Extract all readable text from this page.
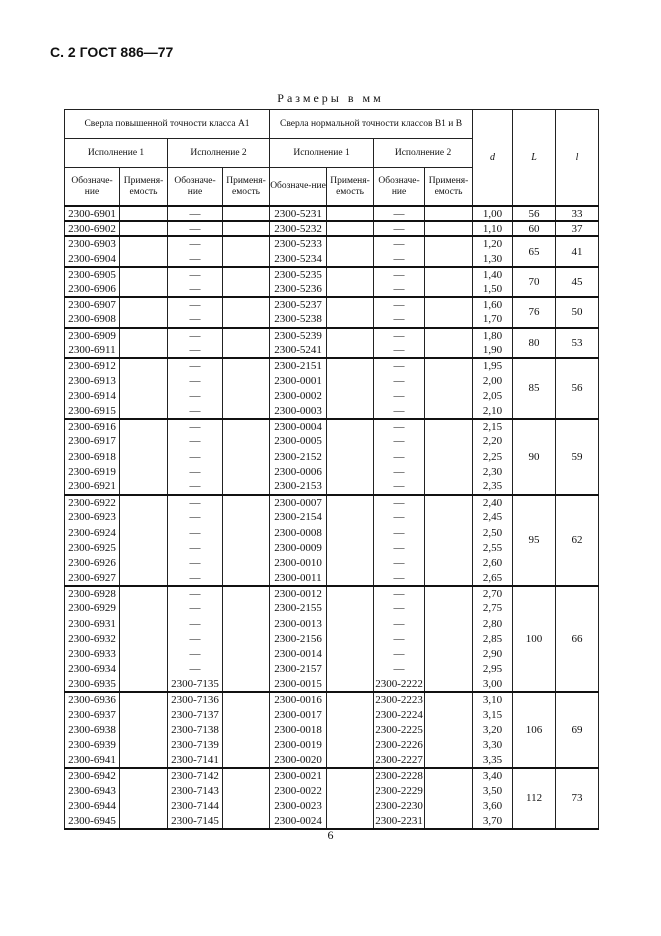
С. 2 ГОСТ 886—77
Размеры в мм
Сверла повышенной точности класса А1				Сверла нормальной точности классов В1 и В				d	L	l
Исполнение 1		Исполнение 2		Исполнение 1		Исполнение 2				
Обозначе-ние	Применя-емость	Обозначе-ние	Применя-емость	Обозначе-ние	Применя-емость	Обозначе-ние	Применя-емость			
2300-6901		—		2300-5231		—		1,00	56	33
2300-6902		—		2300-5232		—		1,10	60	37
2300-6903		—		2300-5233		—		1,20	65	41
2300-6904		—		2300-5234		—		1,30		
2300-6905		—		2300-5235		—		1,40	70	45
2300-6906		—		2300-5236		—		1,50		
2300-6907		—		2300-5237		—		1,60	76	50
2300-6908		—		2300-5238		—		1,70		
2300-6909		—		2300-5239		—		1,80	80	53
2300-6911		—		2300-5241		—		1,90		
2300-6912		—		2300-2151		—		1,95	85	56
2300-6913		—		2300-0001		—		2,00		
2300-6914		—		2300-0002		—		2,05		
2300-6915		—		2300-0003		—		2,10		
2300-6916		—		2300-0004		—		2,15	90	59
2300-6917		—		2300-0005		—		2,20		
2300-6918		—		2300-2152		—		2,25		
2300-6919		—		2300-0006		—		2,30		
2300-6921		—		2300-2153		—		2,35		
2300-6922		—		2300-0007		—		2,40	95	62
2300-6923		—		2300-2154		—		2,45		
2300-6924		—		2300-0008		—		2,50		
2300-6925		—		2300-0009		—		2,55		
2300-6926		—		2300-0010		—		2,60		
2300-6927		—		2300-0011		—		2,65		
2300-6928		—		2300-0012		—		2,70	100	66
2300-6929		—		2300-2155		—		2,75		
2300-6931		—		2300-0013		—		2,80		
2300-6932		—		2300-2156		—		2,85		
2300-6933		—		2300-0014		—		2,90		
2300-6934		—		2300-2157		—		2,95		
2300-6935		2300-7135		2300-0015		2300-2222		3,00		
2300-6936		2300-7136		2300-0016		2300-2223		3,10	106	69
2300-6937		2300-7137		2300-0017		2300-2224		3,15		
2300-6938		2300-7138		2300-0018		2300-2225		3,20		
2300-6939		2300-7139		2300-0019		2300-2226		3,30		
2300-6941		2300-7141		2300-0020		2300-2227		3,35		
2300-6942		2300-7142		2300-0021		2300-2228		3,40	112	73
2300-6943		2300-7143		2300-0022		2300-2229		3,50		
2300-6944		2300-7144		2300-0023		2300-2230		3,60		
2300-6945		2300-7145		2300-0024		2300-2231		3,70		
6
